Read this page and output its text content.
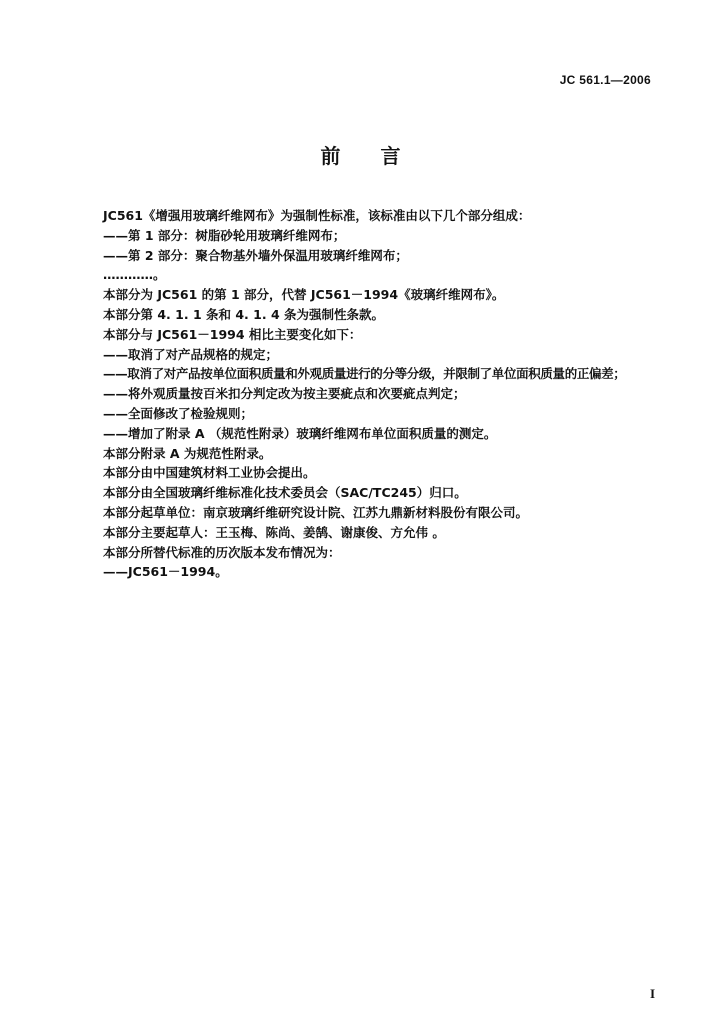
JC 561.1—2006
前言
JC561《增强用玻璃纤维网布》为强制性标准，该标准由以下几个部分组成：
——第 1 部分：树脂砂轮用玻璃纤维网布；
——第 2 部分：聚合物基外墙外保温用玻璃纤维网布；
…………。
本部分为 JC561 的第 1 部分，代替 JC561－1994《玻璃纤维网布》。
本部分第 4. 1. 1 条和 4. 1. 4 条为强制性条款。
本部分与 JC561－1994 相比主要变化如下：
——取消了对产品规格的规定；
——取消了对产品按单位面积质量和外观质量进行的分等分级，并限制了单位面积质量的正偏差；
——将外观质量按百米扣分判定改为按主要疵点和次要疵点判定；
——全面修改了检验规则；
——增加了附录 A （规范性附录）玻璃纤维网布单位面积质量的测定。
本部分附录 A 为规范性附录。
本部分由中国建筑材料工业协会提出。
本部分由全国玻璃纤维标准化技术委员会（SAC/TC245）归口。
本部分起草单位：南京玻璃纤维研究设计院、江苏九鼎新材料股份有限公司。
本部分主要起草人：王玉梅、陈尚、姜鹄、谢康俊、方允伟 。
本部分所替代标准的历次版本发布情况为：
——JC561－1994。
I
